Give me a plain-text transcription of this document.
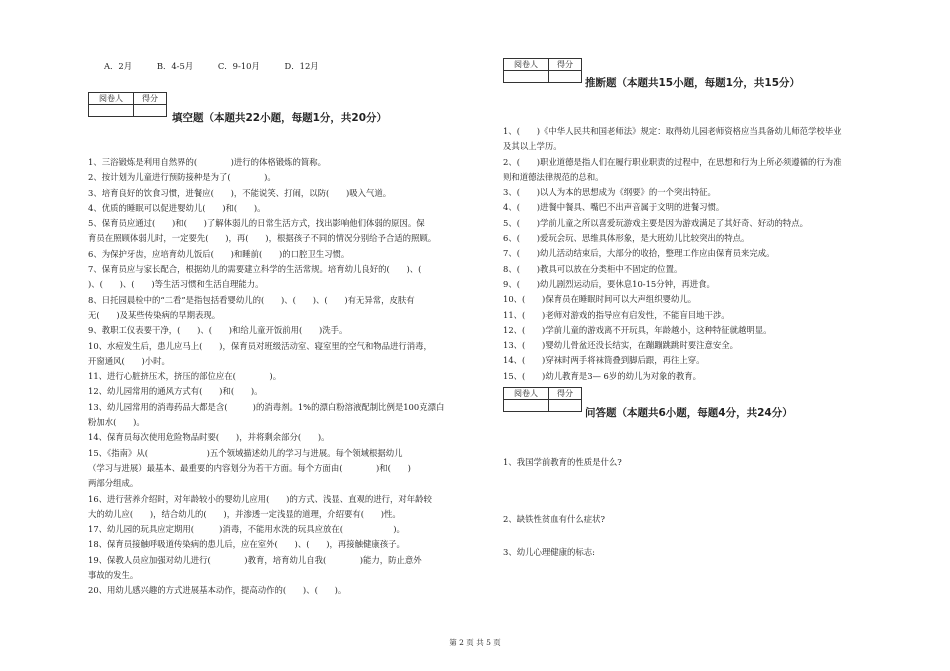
A．2月	B．4-5月	C．9-10月	D．12月
阅卷人	得分

填空题（本题共22小题，每题1分，共20分）
1、三浴锻炼是利用自然界的(　　　　)进行的体格锻炼的简称。
2、按计划为儿童进行预防接种是为了(　　　　)。
3、培育良好的饮食习惯，进餐应(　　)，不能说笑、打闹，以防(　　)吸入气道。
4、优质的睡眠可以促进婴幼儿(　　)和(　　)。
5、保育员应通过(　　)和(　　)了解体弱儿的日常生活方式，找出影响他们体弱的原因。保
育员在照顾体弱儿时，一定要先(　　)，再(　　)，根据孩子不同的情况分别给予合适的照顾。
6、为保护牙齿，应培育幼儿饭后(　　)和睡前(　　)的口腔卫生习惯。
7、保育员应与家长配合，根据幼儿的需要建立科学的生活常规。培育幼儿良好的(　　)、(　　
)、(　　)、(　　)等生活习惯和生活自理能力。
8、日托园晨检中的“二看”是指包括看婴幼儿的(　　)、(　　)、(　　)有无异常，皮肤有
无(　　)及某些传染病的早期表现。
9、教职工仪表要干净，(　　)、(　　)和给儿童开饭前用(　　)洗手。
10、水痘发生后，患儿应马上(　　)，保育员对班级活动室、寝室里的空气和物品进行消毒，
开窗通风(　　)小时。
11、进行心脏挤压术，挤压的部位应在(　　　　)。
12、幼儿园常用的通风方式有(　　)和(　　)。
13、幼儿园常用的消毒药品大都是含(　　　)的消毒剂。1%的漂白粉溶液配制比例是100克漂白
粉加水(　　)。
14、保育员每次使用危险物品时要(　　)，并将剩余部分(　　)。
15、《指南》从(　　　　　　　)五个领域描述幼儿的学习与进展。每个领域根据幼儿
（学习与进展）最基本、最重要的内容划分为若干方面。每个方面由(　　　　)和(　　)
两部分组成。
16、进行营养介绍时，对年龄较小的婴幼儿应用(　　)的方式、浅显、直观的进行，对年龄较
大的幼儿应(　　)，结合幼儿的(　　)，并渗透一定浅显的道理，介绍要有(　　)性。
17、幼儿园的玩具应定期用(　　　)消毒，不能用水洗的玩具应放在(　　　　　　)。
18、保育员接触呼吸道传染病的患儿后，应在室外(　　)、(　　)，再接触健康孩子。
19、保教人员应加强对幼儿进行(　　　　)教育，培育幼儿自我(　　　　)能力，防止意外
事故的发生。
20、用幼儿感兴趣的方式进展基本动作，提高动作的(　　)、(　　)。
阅卷人	得分

推断题（本题共15小题，每题1分，共15分）
1、(　　)《中华人民共和国老师法》规定：取得幼儿园老师资格应当具备幼儿师范学校毕业
及其以上学历。
2、(　　)职业道德是指人们在履行职业职责的过程中，在思想和行为上所必须遵循的行为准
则和道德法律规范的总和。
3、(　　)以人为本的思想成为《纲要》的一个突出特征。
4、(　　)进餐中餐具、嘴巴不出声音属于文明的进餐习惯。
5、(　　)学前儿童之所以喜爱玩游戏主要是因为游戏满足了其好奇、好动的特点。
6、(　　)爱玩会玩、思维具体形象，是大班幼儿比较突出的特点。
7、(　　)幼儿活动结束后，大部分的收拾，整理工作应由保育员来完成。
8、(　　)教具可以放在分类柜中不固定的位置。
9、(　　)幼儿剧烈运动后，要休息10-15分钟，再进食。
10、(　　)保育员在睡眠时间可以大声组织婴幼儿。
11、(　　)老师对游戏的指导应有启发性，不能盲目地干涉。
12、(　　)学前儿童的游戏离不开玩具，年龄越小，这种特征就越明显。
13、(　　)婴幼儿骨盆还没长结实，在蹦蹦跳跳时要注意安全。
14、(　　)穿袜时两手将袜筒叠到脚后跟，再往上穿。
15、(　　)幼儿教育是3— 6岁的幼儿为对象的教育。
阅卷人	得分

问答题（本题共6小题，每题4分，共24分）
1、我国学前教育的性质是什么?
2、缺铁性贫血有什么症状?
3、幼儿心理健康的标志:
第 2 页 共 5 页
